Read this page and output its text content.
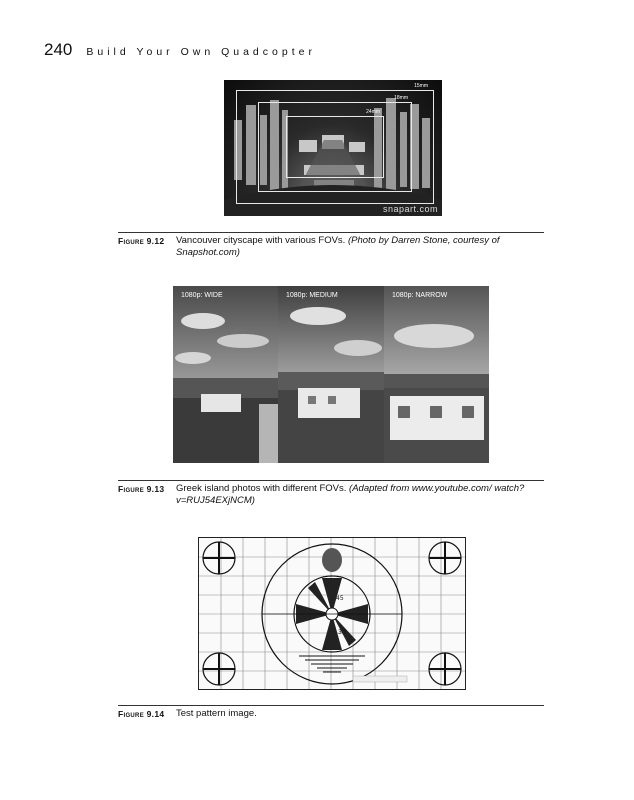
240 Build Your Own Quadcopter
15mm
18mm
24mm
snapart.com
Figure 9.12	Vancouver cityscape with various FOVs. (Photo by Darren Stone, courtesy of Snapshot.com)
1080p: WIDE	1080p: MEDIUM	1080p: NARROW
Figure 9.13	Greek island photos with different FOVs. (Adapted from www.youtube.com/ watch?v=RUJ54EXjNCM)
45
30
Figure 9.14	Test pattern image.
